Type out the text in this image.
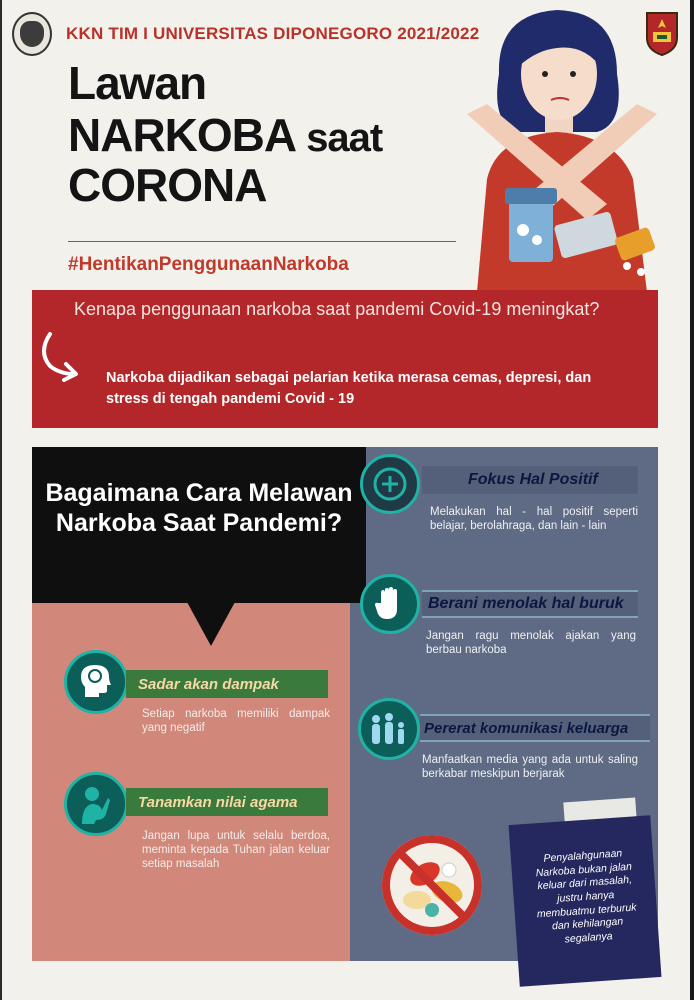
KKN TIM I UNIVERSITAS DIPONEGORO 2021/2022
Lawan
NARKOBA saat
CORONA
#HentikanPenggunaanNarkoba
Kenapa penggunaan narkoba saat pandemi Covid-19 meningkat?
Narkoba dijadikan sebagai pelarian ketika merasa cemas, depresi, dan stress di tengah pandemi Covid - 19
Bagaimana Cara Melawan Narkoba Saat Pandemi?
Fokus Hal Positif
Melakukan hal - hal positif seperti belajar, berolahraga, dan lain - lain
Berani menolak hal buruk
Jangan ragu menolak ajakan yang berbau narkoba
Pererat komunikasi keluarga
Manfaatkan media yang ada untuk saling berkabar meskipun berjarak
Sadar akan dampak
Setiap narkoba memiliki dampak yang negatif
Tanamkan nilai agama
Jangan lupa untuk selalu berdoa, meminta kepada Tuhan jalan keluar setiap masalah	Penyalahgunaan Narkoba bukan jalan keluar dari masalah, justru hanya membuatmu terburuk dan kehilangan segalanya
